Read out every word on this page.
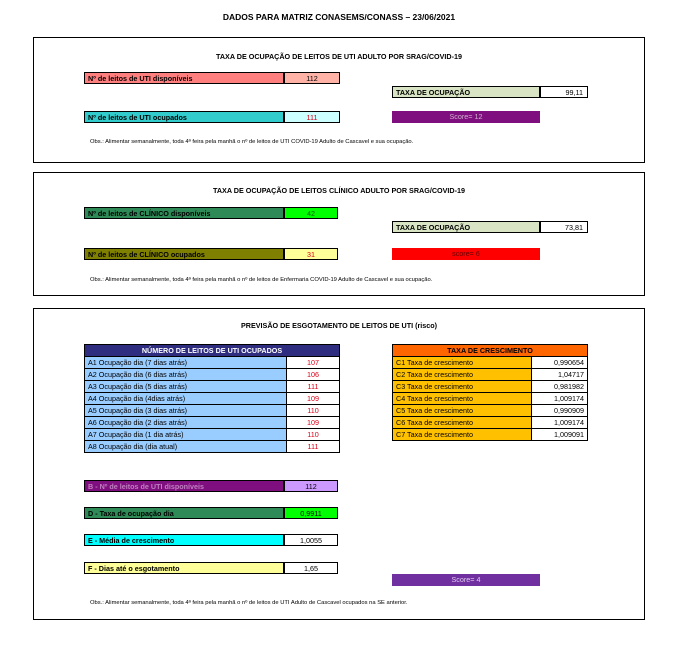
DADOS PARA MATRIZ CONASEMS/CONASS – 23/06/2021
TAXA DE OCUPAÇÃO DE LEITOS DE UTI ADULTO POR SRAG/COVID-19
Nº de leitos de UTI disponíveis	112
TAXA DE OCUPAÇÃO	99,11
Nº de leitos de UTI ocupados	111	Score= 12
Obs.: Alimentar semanalmente, toda 4ª feira pela manhã o nº de leitos de UTI COVID-19 Adulto de Cascavel e sua ocupação.
TAXA DE OCUPAÇÃO DE LEITOS CLÍNICO ADULTO POR SRAG/COVID-19
Nº de leitos de CLÍNICO disponíveis	42
TAXA DE OCUPAÇÃO	73,81
Nº de leitos de CLÍNICO ocupados	31	score= 6
Obs.: Alimentar semanalmente, toda 4ª feira pela manhã o nº de leitos de Enfermaria COVID-19 Adulto de Cascavel e sua ocupação.
PREVISÃO DE ESGOTAMENTO DE LEITOS DE UTI (risco)
NÚMERO DE LEITOS DE UTI OCUPADOS	
A1 Ocupação dia (7 dias atrás)	107
A2 Ocupação dia (6 dias atrás)	106
A3 Ocupação dia (5 dias atrás)	111
A4 Ocupação dia (4dias atrás)	109
A5 Ocupação dia (3 dias atrás)	110
A6 Ocupação dia (2 dias atrás)	109
A7 Ocupação dia (1 dia atrás)	110
A8 Ocupação dia (dia atual)	111
TAXA DE CRESCIMENTO	
C1 Taxa de crescimento	0,990654
C2 Taxa de crescimento	1,04717
C3 Taxa de crescimento	0,981982
C4 Taxa de crescimento	1,009174
C5 Taxa de crescimento	0,990909
C6 Taxa de crescimento	1,009174
C7 Taxa de crescimento	1,009091
B - Nº de leitos de UTI disponíveis	112
D - Taxa de ocupação dia	0,9911
E - Média de crescimento	1,0055
F - Dias até o esgotamento	1,65
Score= 4
Obs.: Alimentar semanalmente, toda 4ª feira pela manhã o nº de leitos de UTI Adulto de Cascavel ocupados na SE anterior.
